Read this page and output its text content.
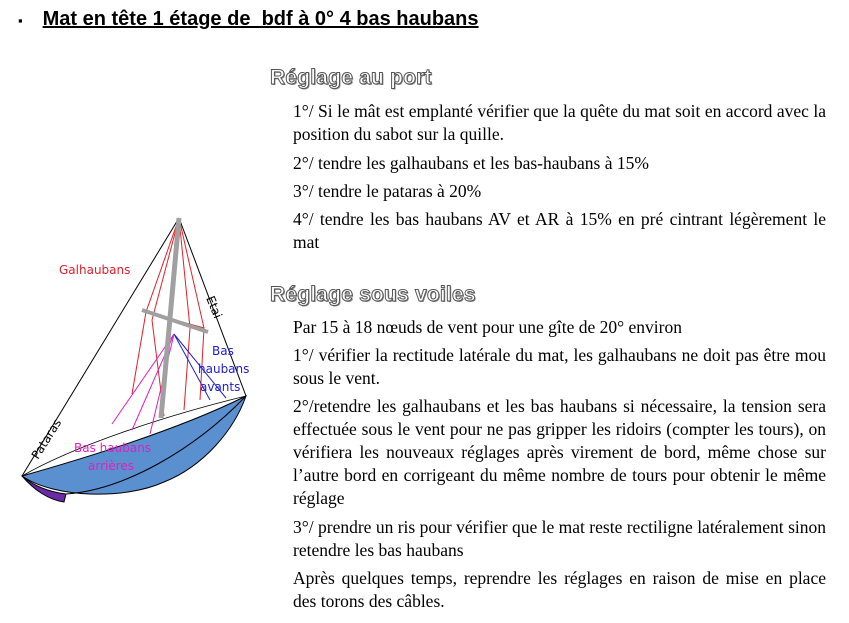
▪ Mat en tête 1 étage de  bdf à 0° 4 bas haubans
Réglage au port

1°/ Si le mât est emplanté vérifier que la quête du mat soit en accord avec la position du sabot sur la quille.

2°/ tendre les galhaubans et les bas-haubans à 15%

3°/ tendre le pataras à 20%

4°/ tendre les bas haubans AV et AR à 15% en pré cintrant légèrement le mat

Réglage sous voiles

Par 15 à 18 nœuds de vent pour une gîte de 20° environ

1°/ vérifier la rectitude latérale du mat, les galhaubans ne doit pas être mou sous le vent.

2°/retendre les galhaubans et les bas haubans si nécessaire, la tension sera effectuée sous le vent pour ne pas gripper les ridoirs (compter les tours), on vérifiera les nouveaux réglages après virement de bord, même chose sur l’autre bord en corrigeant du même nombre de tours pour obtenir le même réglage

3°/ prendre un ris pour vérifier que le mat reste rectiligne latéralement sinon retendre les bas haubans

Après quelques temps, reprendre les réglages en raison de mise en place des torons des câbles.

Galhaubans
Etai
Bas
haubans
avants
Pataras Bas haubans
arrières
